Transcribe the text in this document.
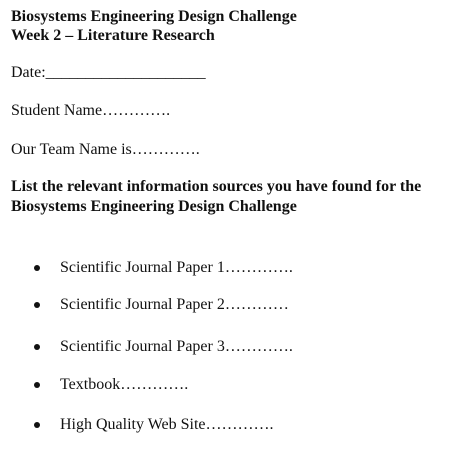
Biosystems Engineering Design Challenge
Week 2 – Literature Research
Date:____________________
Student Name………….
Our Team Name is………….
List the relevant information sources you have found for the
Biosystems Engineering Design Challenge
Scientific Journal Paper 1………….
Scientific Journal Paper 2…………
Scientific Journal Paper 3………….
Textbook………….
High Quality Web Site………….
